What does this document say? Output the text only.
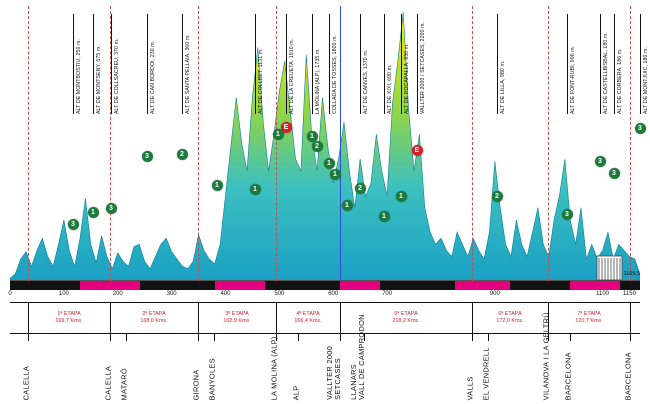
ALT DE MONTBOSTIU, 250 m.	ALT DE MONTSENY, 675 m. ALT DE COLLSACREU, 370 m.	ALT DE CAN BORDOI, 230 m.	ALT DE SANTA PELLAIA, 360 m.	ALT DE COLLBET, 1131 m.	ALT DE LA CREUETA, 1910 m.	LA MOLINA (ALP), 1735 m. COLLADA DE TOSSES, 1800 m.	ALT DE CANVES, 1370 m.	ALT DE XIXI, 690 m. ALT DE POCAPALLA, 930 m. VALLTER 2000 / SETCASES, 2200 m.	ALT DE LILLA, 980 m.	ALT DE FONT-RUBÍ, 996 m.	ALT DE CASTELLBISBAL, 180 m. ALT DE CORBERA, 186 m.	ALT DE MONTJUIC, 180 m.
3
1
3
3	2
1
E
1
1
2
1
1
E
2
3
3
3
3
1
1
2
1
1
1169,5
0	100	200	300	400	500	600	700	900	1100 1150
1ª ETAPA
169,7 Kms.
2ª ETAPA
168,0 Kms.
3ª ETAPA
162,9 Kms.
4ª ETAPA
166,4 Kms.
5ª ETAPA
218,2 Kms.
6ª ETAPA
172,0 Kms.
7ª ETAPA
120,7 Kms.
CALELLA	CALELLA MATARÓ	GIRONA BANYOLES	LA MOLINA (ALP) ALP	VALLTER 2000 SETCASES LLANARS VALL DE CAMPRODON	VALLS EL VENDRELL	VILANOVA I LA GELTRÚ BARCELONA	BARCELONA
